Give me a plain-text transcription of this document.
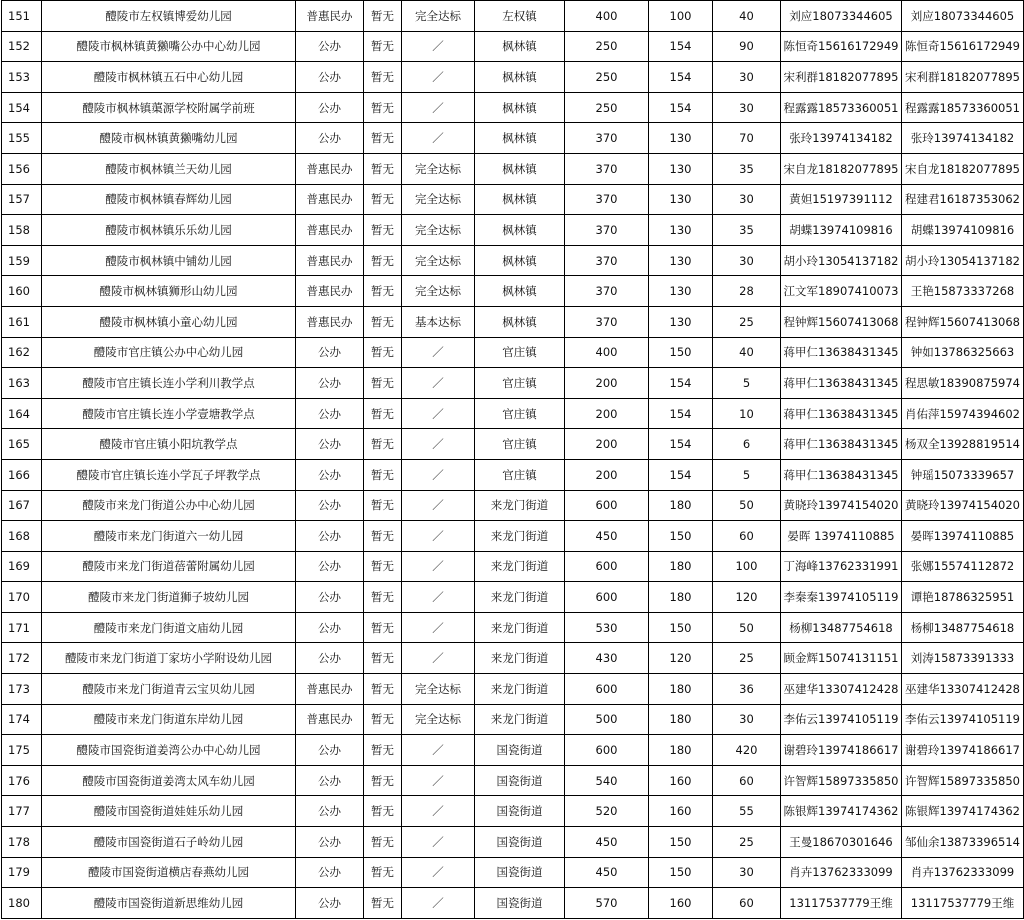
151	醴陵市左权镇博爱幼儿园	普惠民办	暂无	完全达标	左权镇	400	100	40	刘应18073344605	刘应18073344605
152	醴陵市枫林镇黄獭嘴公办中心幼儿园	公办	暂无	／	枫林镇	250	154	90	陈恒奇15616172949	陈恒奇15616172949
153	醴陵市枫林镇五石中心幼儿园	公办	暂无	／	枫林镇	250	154	30	宋利群18182077895	宋利群18182077895
154	醴陵市枫林镇蕖源学校附属学前班	公办	暂无	／	枫林镇	250	154	30	程露露18573360051	程露露18573360051
155	醴陵市枫林镇黄獭嘴幼儿园	公办	暂无	／	枫林镇	370	130	70	张玲13974134182	张玲13974134182
156	醴陵市枫林镇兰天幼儿园	普惠民办	暂无	完全达标	枫林镇	370	130	35	宋自龙18182077895	宋自龙18182077895
157	醴陵市枫林镇春辉幼儿园	普惠民办	暂无	完全达标	枫林镇	370	130	30	黄妲15197391112	程建君16187353062
158	醴陵市枫林镇乐乐幼儿园	普惠民办	暂无	完全达标	枫林镇	370	130	35	胡蝶13974109816	胡蝶13974109816
159	醴陵市枫林镇中铺幼儿园	普惠民办	暂无	完全达标	枫林镇	370	130	30	胡小玲13054137182	胡小玲13054137182
160	醴陵市枫林镇狮形山幼儿园	普惠民办	暂无	完全达标	枫林镇	370	130	28	江文军18907410073	王艳15873337268
161	醴陵市枫林镇小童心幼儿园	普惠民办	暂无	基本达标	枫林镇	370	130	25	程钟辉15607413068	程钟辉15607413068
162	醴陵市官庄镇公办中心幼儿园	公办	暂无	／	官庄镇	400	150	40	蒋甲仁13638431345	钟如13786325663
163	醴陵市官庄镇长连小学利川教学点	公办	暂无	／	官庄镇	200	154	5	蒋甲仁13638431345	程思敏18390875974
164	醴陵市官庄镇长连小学壹塘教学点	公办	暂无	／	官庄镇	200	154	10	蒋甲仁13638431345	肖佑萍15974394602
165	醴陵市官庄镇小阳坑教学点	公办	暂无	／	官庄镇	200	154	6	蒋甲仁13638431345	杨双全13928819514
166	醴陵市官庄镇长连小学瓦子坪教学点	公办	暂无	／	官庄镇	200	154	5	蒋甲仁13638431345	钟瑶15073339657
167	醴陵市来龙门街道公办中心幼儿园	公办	暂无	／	来龙门街道	600	180	50	黄晓玲13974154020	黄晓玲13974154020
168	醴陵市来龙门街道六一幼儿园	公办	暂无	／	来龙门街道	450	150	60	晏晖 13974110885	晏晖13974110885
169	醴陵市来龙门街道蓓蕾附属幼儿园	公办	暂无	／	来龙门街道	600	180	100	丁海峰13762331991	张娜15574112872
170	醴陵市来龙门街道狮子坡幼儿园	公办	暂无	／	来龙门街道	600	180	120	李秦秦13974105119	谭艳18786325951
171	醴陵市来龙门街道文庙幼儿园	公办	暂无	／	来龙门街道	530	150	50	杨柳13487754618	杨柳13487754618
172	醴陵市来龙门街道丁家坊小学附设幼儿园	公办	暂无	／	来龙门街道	430	120	25	顾金辉15074131151	刘涛15873391333
173	醴陵市来龙门街道青云宝贝幼儿园	普惠民办	暂无	完全达标	来龙门街道	600	180	36	巫建华13307412428	巫建华13307412428
174	醴陵市来龙门街道东岸幼儿园	普惠民办	暂无	完全达标	来龙门街道	500	180	30	李佑云13974105119	李佑云13974105119
175	醴陵市国瓷街道姜湾公办中心幼儿园	公办	暂无	／	国瓷街道	600	180	420	谢碧玲13974186617	谢碧玲13974186617
176	醴陵市国瓷街道姜湾太风车幼儿园	公办	暂无	／	国瓷街道	540	160	60	许智辉15897335850	许智辉15897335850
177	醴陵市国瓷街道娃娃乐幼儿园	公办	暂无	／	国瓷街道	520	160	55	陈银辉13974174362	陈银辉13974174362
178	醴陵市国瓷街道石子岭幼儿园	公办	暂无	／	国瓷街道	450	150	25	王曼18670301646	邹仙余13873396514
179	醴陵市国瓷街道横店春燕幼儿园	公办	暂无	／	国瓷街道	450	150	30	肖卉13762333099	肖卉13762333099
180	醴陵市国瓷街道新思维幼儿园	公办	暂无	／	国瓷街道	570	160	60	13117537779王维	13117537779王维
